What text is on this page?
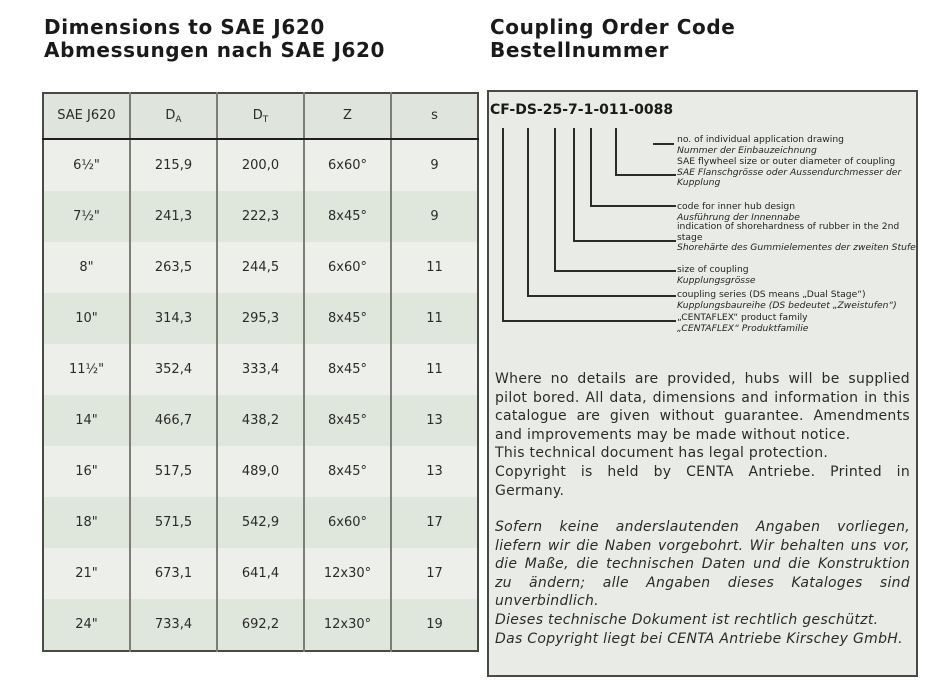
Dimensions to SAE J620
Abmessungen nach SAE J620
Coupling Order Code
Bestellnummer
SAE J620	$D_A$	$D_T$	Z	s
6½"	215,9	200,0	6x60°	9
7½"	241,3	222,3	8x45°	9
8"	263,5	244,5	6x60°	11
10"	314,3	295,3	8x45°	11
11½"	352,4	333,4	8x45°	11
14"	466,7	438,2	8x45°	13
16"	517,5	489,0	8x45°	13
18"	571,5	542,9	6x60°	17
21"	673,1	641,4	12x30°	17
24"	733,4	692,2	12x30°	19
CF-DS-25-7-1-011-0088
no. of individual application drawing
Nummer der Einbauzeichnung
SAE flywheel size or outer diameter of coupling
SAE Flanschgrösse oder Aussendurchmesser der Kupplung
code for inner hub design
Ausführung der Innennabe
indication of shorehardness of rubber in the 2nd stage
Shorehärte des Gummielementes der zweiten Stufe
size of coupling
Kupplungsgrösse
coupling series (DS means „Dual Stage“)
Kupplungsbaureihe (DS bedeutet „Zweistufen“)
„CENTAFLEX“ product family
„CENTAFLEX“ Produktfamilie

Where no details are provided, hubs will be supplied pilot bored. All data, dimensions and information in this catalogue are given without guarantee. Amendments and improvements may be made without notice.

This technical document has legal protection.

Copyright is held by CENTA Antriebe. Printed in Germany.

Sofern keine anderslautenden Angaben vorliegen, liefern wir die Naben vorgebohrt. Wir behalten uns vor, die Maße, die technischen Daten und die Konstruktion zu ändern; alle Angaben dieses Kataloges sind unverbindlich.

Dieses technische Dokument ist rechtlich geschützt.

Das Copyright liegt bei CENTA Antriebe Kirschey GmbH.
